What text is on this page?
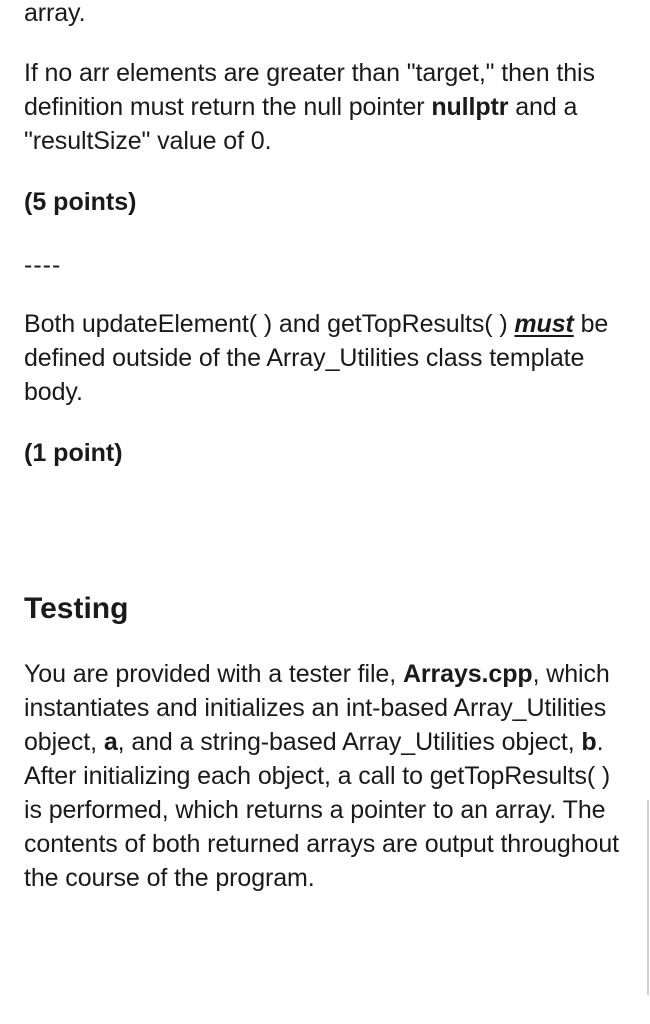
array.

If no arr elements are greater than "target," then this definition must return the null pointer nullptr and a "resultSize" value of 0.

(5 points)

----

Both updateElement( ) and getTopResults( ) must be defined outside of the Array_Utilities class template body.

(1 point)

Testing

You are provided with a tester file, Arrays.cpp, which instantiates and initializes an int-based Array_Utilities object, a, and a string-based Array_Utilities object, b. After initializing each object, a call to getTopResults( ) is performed, which returns a pointer to an array. The contents of both returned arrays are output throughout the course of the program.
